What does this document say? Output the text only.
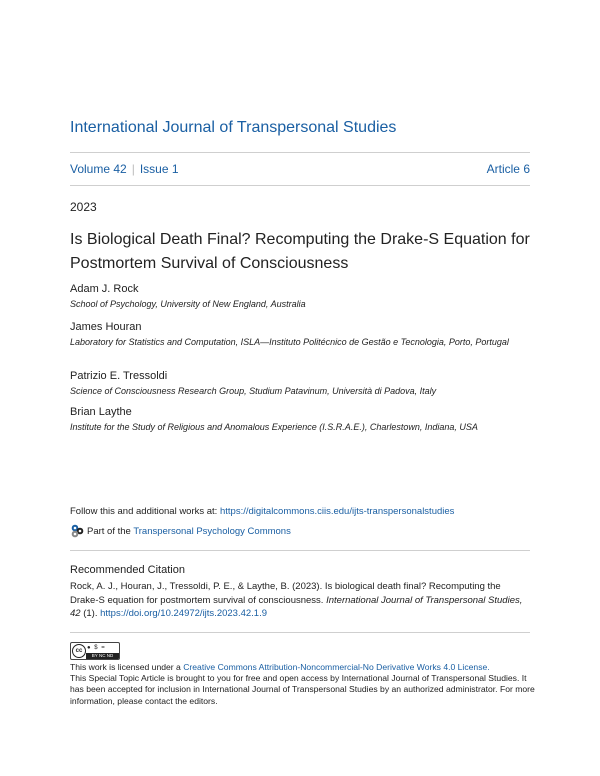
International Journal of Transpersonal Studies
Volume 42 | Issue 1	Article 6
2023
Is Biological Death Final? Recomputing the Drake-S Equation for Postmortem Survival of Consciousness
Adam J. Rock
School of Psychology, University of New England, Australia
James Houran
Laboratory for Statistics and Computation, ISLA—Instituto Politécnico de Gestão e Tecnologia, Porto, Portugal
Patrizio E. Tressoldi
Science of Consciousness Research Group, Studium Patavinum, Università di Padova, Italy
Brian Laythe
Institute for the Study of Religious and Anomalous Experience (I.S.R.A.E.), Charlestown, Indiana, USA
Follow this and additional works at: https://digitalcommons.ciis.edu/ijts-transpersonalstudies
Part of the Transpersonal Psychology Commons
Recommended Citation
Rock, A. J., Houran, J., Tressoldi, P. E., & Laythe, B. (2023). Is biological death final? Recomputing the Drake-S equation for postmortem survival of consciousness. International Journal of Transpersonal Studies, 42 (1). https://doi.org/10.24972/ijts.2023.42.1.9
cc ● $ =
BY NC ND
This work is licensed under a Creative Commons Attribution-Noncommercial-No Derivative Works 4.0 License.
This Special Topic Article is brought to you for free and open access by International Journal of Transpersonal Studies. It has been accepted for inclusion in International Journal of Transpersonal Studies by an authorized administrator. For more information, please contact the editors.
